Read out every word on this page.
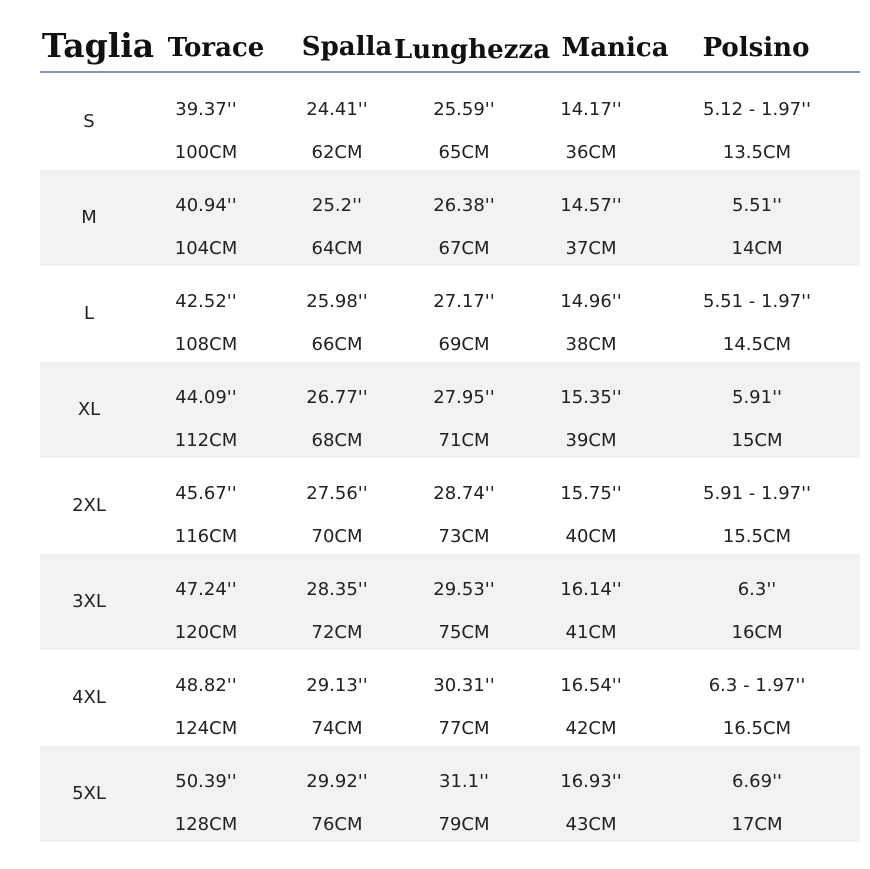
Taglia Torace Spalla Lunghezza Manica Polsino
S
39.37''
100CM
24.41''
62CM
25.59''
65CM
14.17''
36CM
5.12 - 1.97''
13.5CM
M
40.94''
104CM
25.2''
64CM
26.38''
67CM
14.57''
37CM
5.51''
14CM
L
42.52''
108CM
25.98''
66CM
27.17''
69CM
14.96''
38CM
5.51 - 1.97''
14.5CM
XL
44.09''
112CM
26.77''
68CM
27.95''
71CM
15.35''
39CM
5.91''
15CM
2XL
45.67''
116CM
27.56''
70CM
28.74''
73CM
15.75''
40CM
5.91 - 1.97''
15.5CM
3XL
47.24''
120CM
28.35''
72CM
29.53''
75CM
16.14''
41CM
6.3''
16CM
4XL
48.82''
124CM
29.13''
74CM
30.31''
77CM
16.54''
42CM
6.3 - 1.97''
16.5CM
5XL
50.39''
128CM
29.92''
76CM
31.1''
79CM
16.93''
43CM
6.69''
17CM
